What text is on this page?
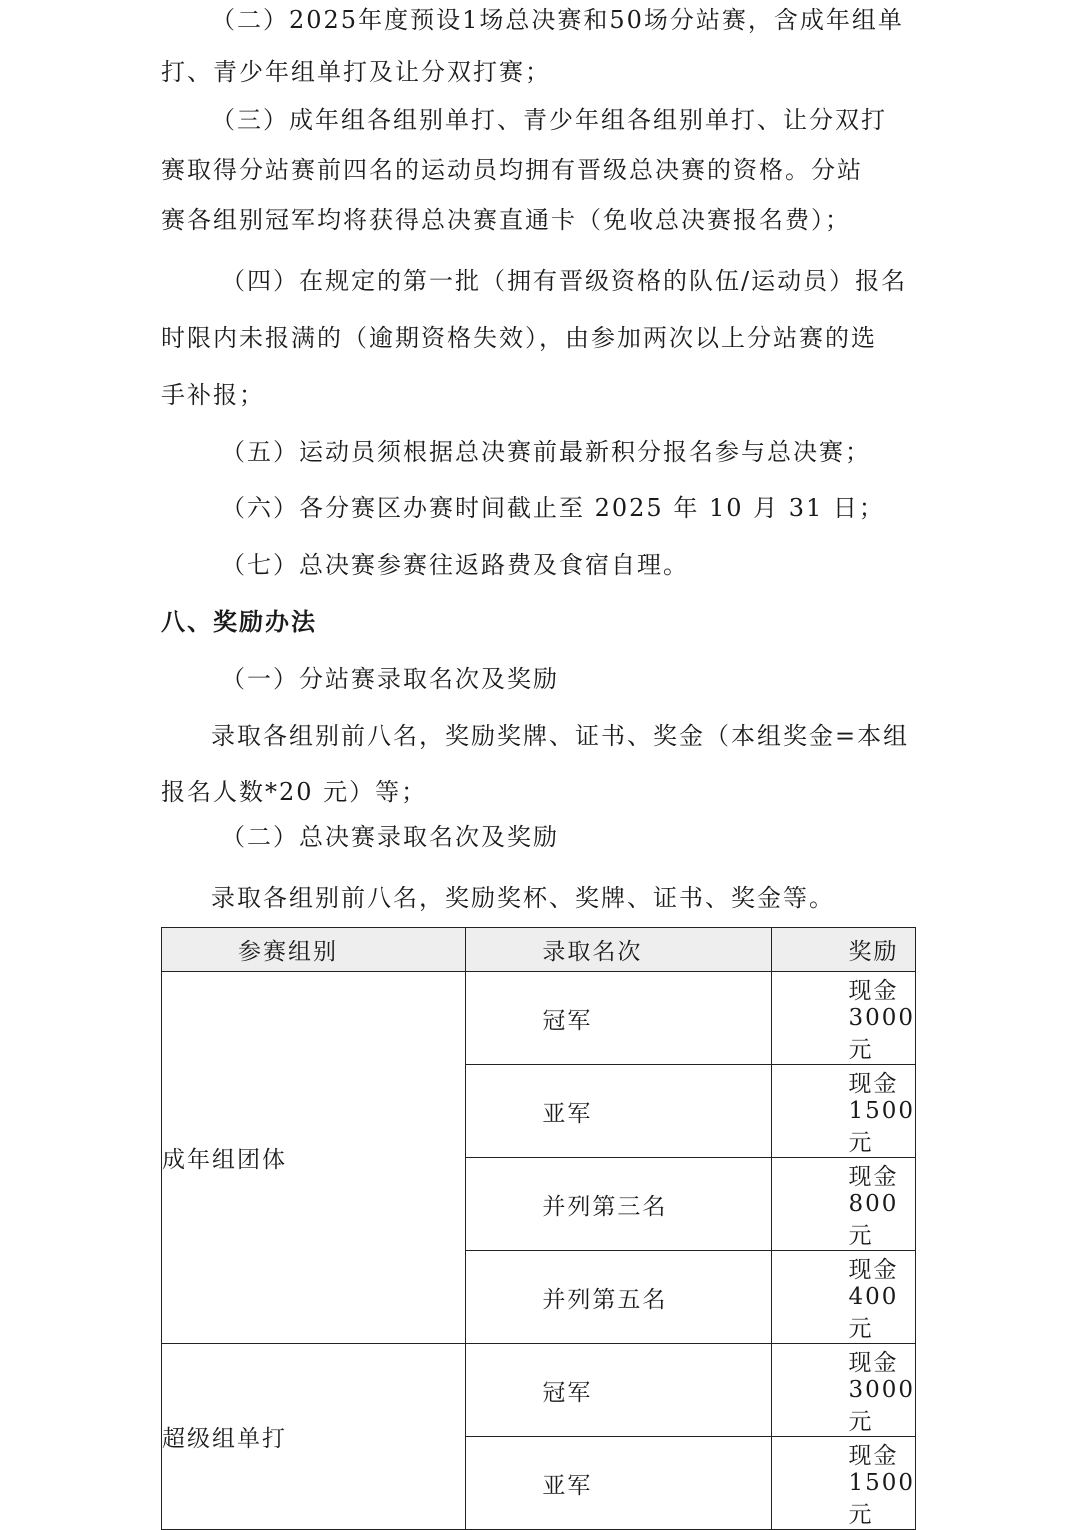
（二）2025年度预设1场总决赛和50场分站赛，含成年组单
打、青少年组单打及让分双打赛；
（三）成年组各组别单打、青少年组各组别单打、让分双打
赛取得分站赛前四名的运动员均拥有晋级总决赛的资格。分站
赛各组别冠军均将获得总决赛直通卡（免收总决赛报名费）；
（四）在规定的第一批（拥有晋级资格的队伍/运动员）报名
时限内未报满的（逾期资格失效），由参加两次以上分站赛的选
手补报；
（五）运动员须根据总决赛前最新积分报名参与总决赛；
（六）各分赛区办赛时间截止至 2025 年 10 月 31 日；
（七）总决赛参赛往返路费及食宿自理。
八、奖励办法
（一）分站赛录取名次及奖励
录取各组别前八名，奖励奖牌、证书、奖金（本组奖金=本组
报名人数*20 元）等；
（二）总决赛录取名次及奖励
录取各组别前八名，奖励奖杯、奖牌、证书、奖金等。
参赛组别	录取名次	奖励
成年组团体	冠军	现金3000元
	亚军	现金1500元
	并列第三名	现金800元
	并列第五名	现金400元
超级组单打	冠军	现金3000元
	亚军	现金1500元
